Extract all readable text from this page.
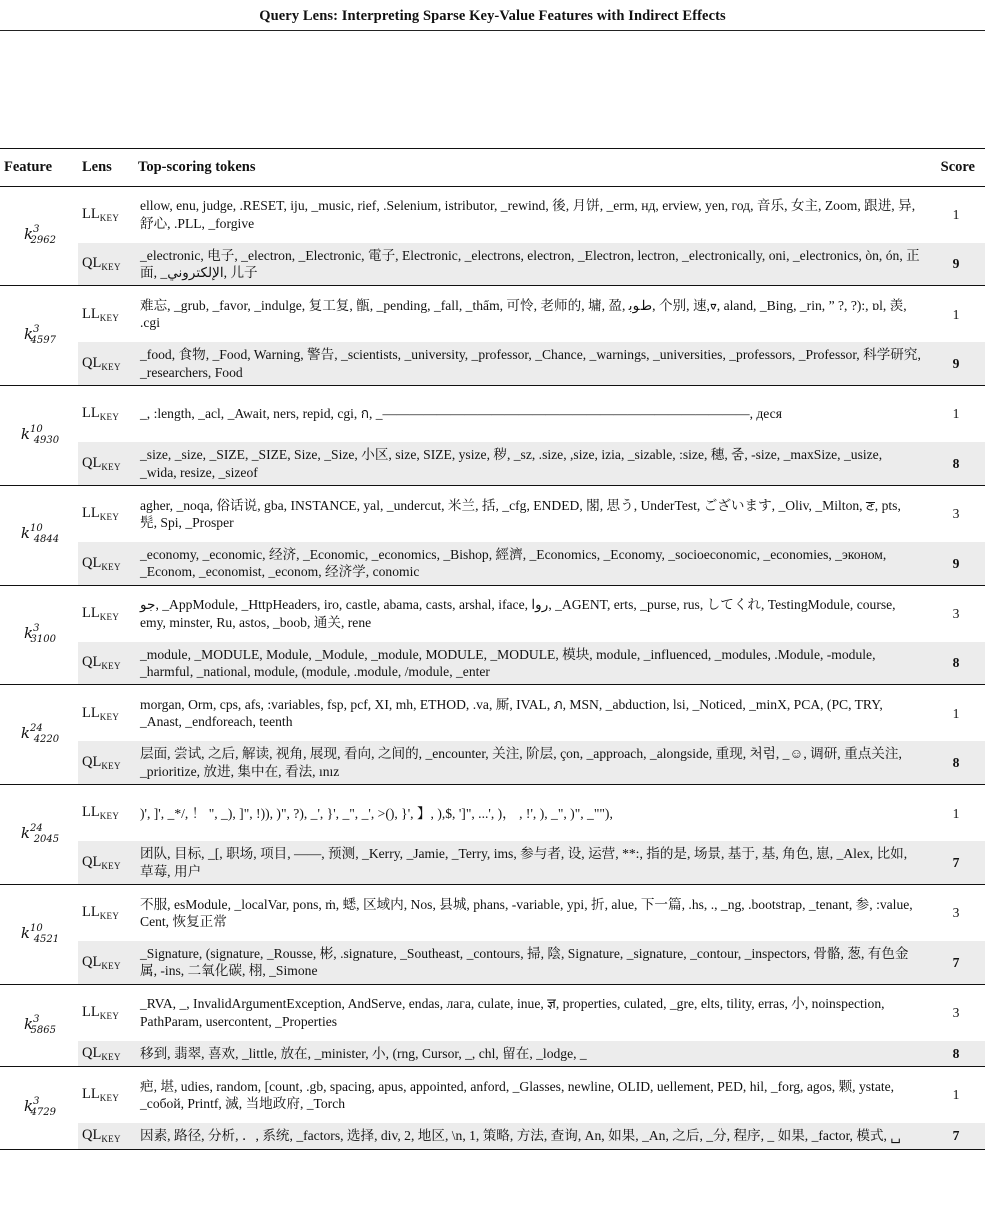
Query Lens: Interpreting Sparse Key-Value Features with Indirect Effects
Feature	Lens	Top-scoring tokens	Score
$k^3_{2962}$	$LL_{KEY}$	ellow, enu, judge, .RESET, iju, _music, rief, .Selenium, istributor, _rewind, 後, 月饼, _erm, нд, erview, yen, год, 音乐, 女主, Zoom, 跟进, 异, 舒心, .PLL, _forgive	1
	$QL_{KEY}$	_electronic, 电子, _electron, _Electronic, 電子, Electronic, _electrons, electron, _Electron, lectron, _electronically, oni, _electronics, òn, ón, 正面, _الإلكتروني, 儿子	9
$k^3_{4597}$	$LL_{KEY}$	难忘, _grub, _favor, _indulge, 复工复, 甑, _pending, _fall, _thẩm, 可怜, 老师的, 墉, 盈, ﻁﻮﺑ, 个别, 速,ᢦ, aland, _Bing, _rin, ” ?, ?):, ɒl, 羡, .cgi	1
	$QL_{KEY}$	_food, 食物, _Food, Warning, 警告, _scientists, _university, _professor, _Chance, _warnings, _universities, _professors, _Professor, 科学研究, _researchers, Food	9
$k^{10}_{4930}$	$LL_{KEY}$	_, :length, _acl, _Await, ners, repid, cgi, ก, _———————————————————————————, деся	1
	$QL_{KEY}$	_size, _size, _SIZE, _SIZE, Size, _Size, 小区, size, SIZE, ysize, 秽, _sz, .size, ,size, izia, _sizable, :size, 穗, 줌, -size, _maxSize, _usize, _wida, resize, _sizeof	8
$k^{10}_{4844}$	$LL_{KEY}$	agher, _noqa, 俗话说, gba, INSTANCE, yal, _undercut, 米兰, 括, _cfg, ENDED, 閣, 思う, UnderTest, ございます, _Oliv, _Milton, ਣ, pts, 髡, Spi, _Prosper	3
	$QL_{KEY}$	_economy, _economic, 经济, _Economic, _economics, _Bishop, 經濟, _Economics, _Economy, _socioeconomic, _economies, _эконом, _Econom, _economist, _econom, 经济学, conomic	9
$k^3_{3100}$	$LL_{KEY}$	جو, _AppModule, _HttpHeaders, iro, castle, abama, casts, arshal, iface, روا, _AGENT, erts, _purse, rus, してくれ, TestingModule, course, emy, minster, Ru, astos, _boob, 通关, rene	3
	$QL_{KEY}$	_module, _MODULE, Module, _Module, _module, MODULE, _MODULE, 模块, module, _influenced, _modules, .Module, -module, _harmful, _national, module, (module, .module, /module, _enter	8
$k^{24}_{4220}$	$LL_{KEY}$	morgan, Orm, cps, afs, :variables, fsp, pcf, XI, mh, ETHOD, .va, 厮, IVAL, ภ, MSN, _abduction, lsi, _Noticed, _minX, PCA, (PC, TRY, _Anast, _endforeach, teenth	1
	$QL_{KEY}$	层面, 尝试, 之后, 解读, 视角, 展现, 看向, 之间的, _encounter, 关注, 阶层, çon, _approach, _alongside, 重现, 처럼, _☺, 调研, 重点关注, _prioritize, 放进, 集中在, 看法, ınız	8
$k^{24}_{2045}$	$LL_{KEY}$	)', ]', _*/, ！ ", _), ]", !)), )", ?), _', }', _", _', >(), }', 】, ),$, ']", ...', )， , !', ), _", )", _""),	1
	$QL_{KEY}$	团队, 目标, _[, 职场, 项目, ——, 预测, _Kerry, _Jamie, _Terry, ims, 参与者, 设, 运营, **:, 指的是, 场景, 基于, 基, 角色, 崽, _Alex, 比如, 草莓, 用户	7
$k^{10}_{4521}$	$LL_{KEY}$	不服, esModule, _localVar, pons, ṁ, 蟋, 区域内, Nos, 县城, phans, -variable, ypi, 折, alue, 下一篇, .hs, ., _ng, .bootstrap, _tenant, 参, :value, Cent, 恢复正常	3
	$QL_{KEY}$	_Signature, (signature, _Rousse, 彬, .signature, _Southeast, _contours, 掃, 陰, Signature, _signature, _contour, _inspectors, 骨骼, 葱, 有色金属, -ins, 二氧化碳, 栩, _Simone	7
$k^3_{5865}$	$LL_{KEY}$	_RVA, _, InvalidArgumentException, AndServe, endas, лага, culate, inue, ज्ञ, properties, culated, _gre, elts, tility, erras, 小, noinspection, PathParam, usercontent, _Properties	3
	$QL_{KEY}$	移到, 翡翠, 喜欢, _little, 放在, _minister, 小, (rng, Cursor, _, chl, 留在, _lodge, _	8
$k^3_{4729}$	$LL_{KEY}$	疤, 堪, udies, random, [count, .gb, spacing, apus, appointed, anford, _Glasses, newline, OLID, uellement, PED, hil, _forg, agos, 颗, ystate, _собой, Printf, 滅, 当地政府, _Torch	1
	$QL_{KEY}$	因素, 路径, 分析, ．, 系统, _factors, 选择, div, 2, 地区, \n, 1, 策略, 方法, 查询, An, 如果, _An, 之后, _分, 程序, _ 如果, _factor, 模式, ␣	7
